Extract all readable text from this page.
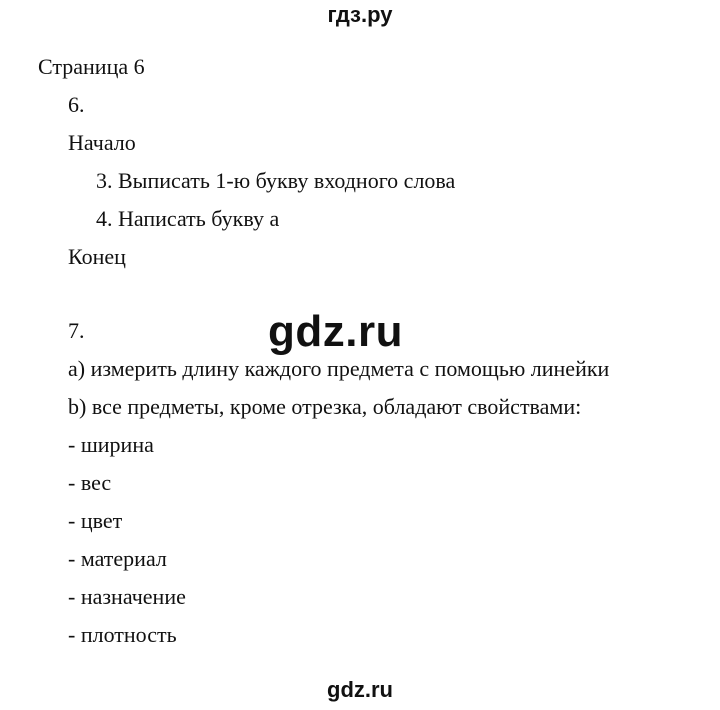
гдз.ру
Страница 6
6.
Начало
3. Выписать 1-ю букву входного слова
4. Написать букву а
Конец
gdz.ru
7.
а) измерить длину каждого предмета с помощью линейки
b) все предметы, кроме отрезка, обладают свойствами:
- ширина
- вес
- цвет
- материал
- назначение
- плотность
gdz.ru
